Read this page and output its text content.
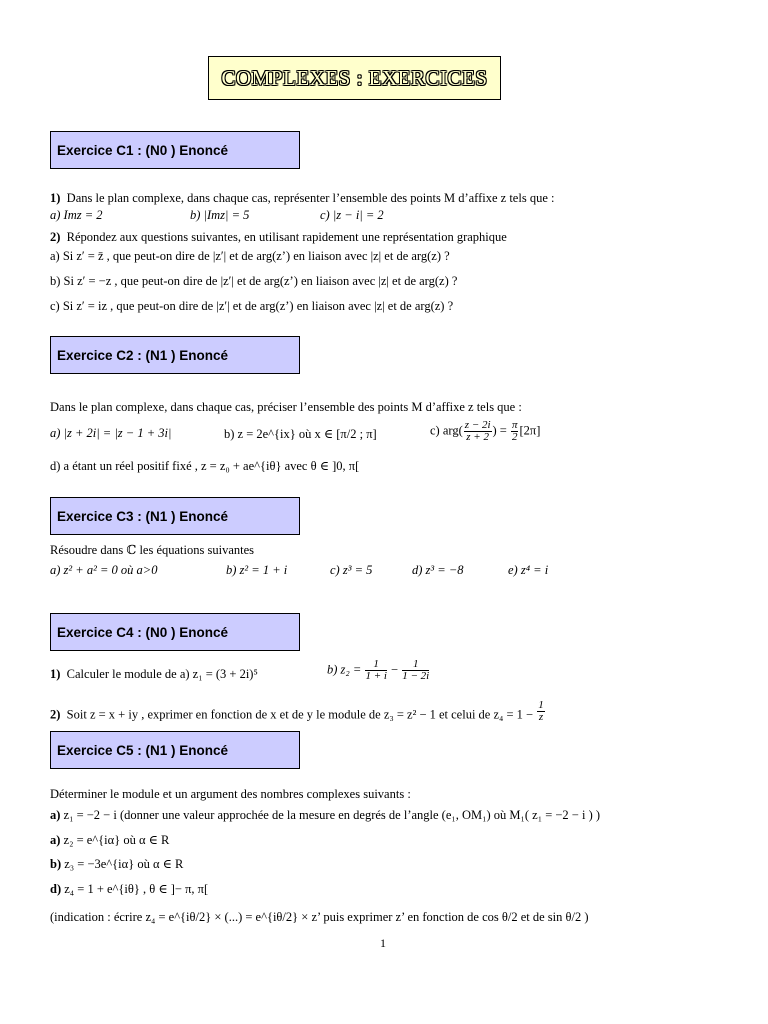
COMPLEXES : EXERCICES
Exercice C1 : (N0 ) Enoncé
1) Dans le plan complexe, dans chaque cas, représenter l’ensemble des points M d’affixe z tels que :
a) Imz = 2	b) |Imz| = 5	c) |z − i| = 2
2) Répondez aux questions suivantes, en utilisant rapidement une représentation graphique
a) Si z′ = z̄ , que peut-on dire de |z′| et de arg(z’) en liaison avec |z| et de arg(z) ?
b) Si z′ = −z , que peut-on dire de |z′| et de arg(z’) en liaison avec |z| et de arg(z) ?
c) Si z′ = iz , que peut-on dire de |z′| et de arg(z’) en liaison avec |z| et de arg(z) ?
Exercice C2 : (N1 ) Enoncé
Dans le plan complexe, dans chaque cas, préciser l’ensemble des points M d’affixe z tels que :
a) |z + 2i| = |z − 1 + 3i|	b) z = 2e^{ix} où x ∈ [π/2 ; π]	c) $arg( \frac{z - 2i}{z + 2}$ ) = $\frac{\pi}{2} [2\pi]$
d) a étant un réel positif fixé , z = z₀ + ae^{iθ} avec θ ∈ ]0, π[
Exercice C3 : (N1 ) Enoncé
Résoudre dans ℂ les équations suivantes
a) z² + a² = 0 où a>0	b) z² = 1 + i	c) z³ = 5	d) z³ = −8	e) z⁴ = i
Exercice C4 : (N0 ) Enoncé
1) Calculer le module de a) z₁ = (3 + 2i)⁵	b) $z_2 = \frac{1}{1 + i} - \frac{1}{1 - 2i}$
2) Soit z = x + iy , exprimer en fonction de x et de y le module de z₃ = z² − 1 et celui de $z_4 = 1 - \frac{1}{z}$
Exercice C5 : (N1 ) Enoncé
Déterminer le module et un argument des nombres complexes suivants :
a) z₁ = −2 − i (donner une valeur approchée de la mesure en degrés de l’angle (e₁, OM₁) où M₁( z₁ = −2 − i ) )
a) z₂ = e^{iα} où α ∈ R
b) z₃ = −3e^{iα} où α ∈ R
d) z₄ = 1 + e^{iθ} , θ ∈ ]− π, π[
(indication : écrire z₄ = e^{iθ/2} × (...) = e^{iθ/2} × z’ puis exprimer z’ en fonction de cos θ/2 et de sin θ/2 )
1
